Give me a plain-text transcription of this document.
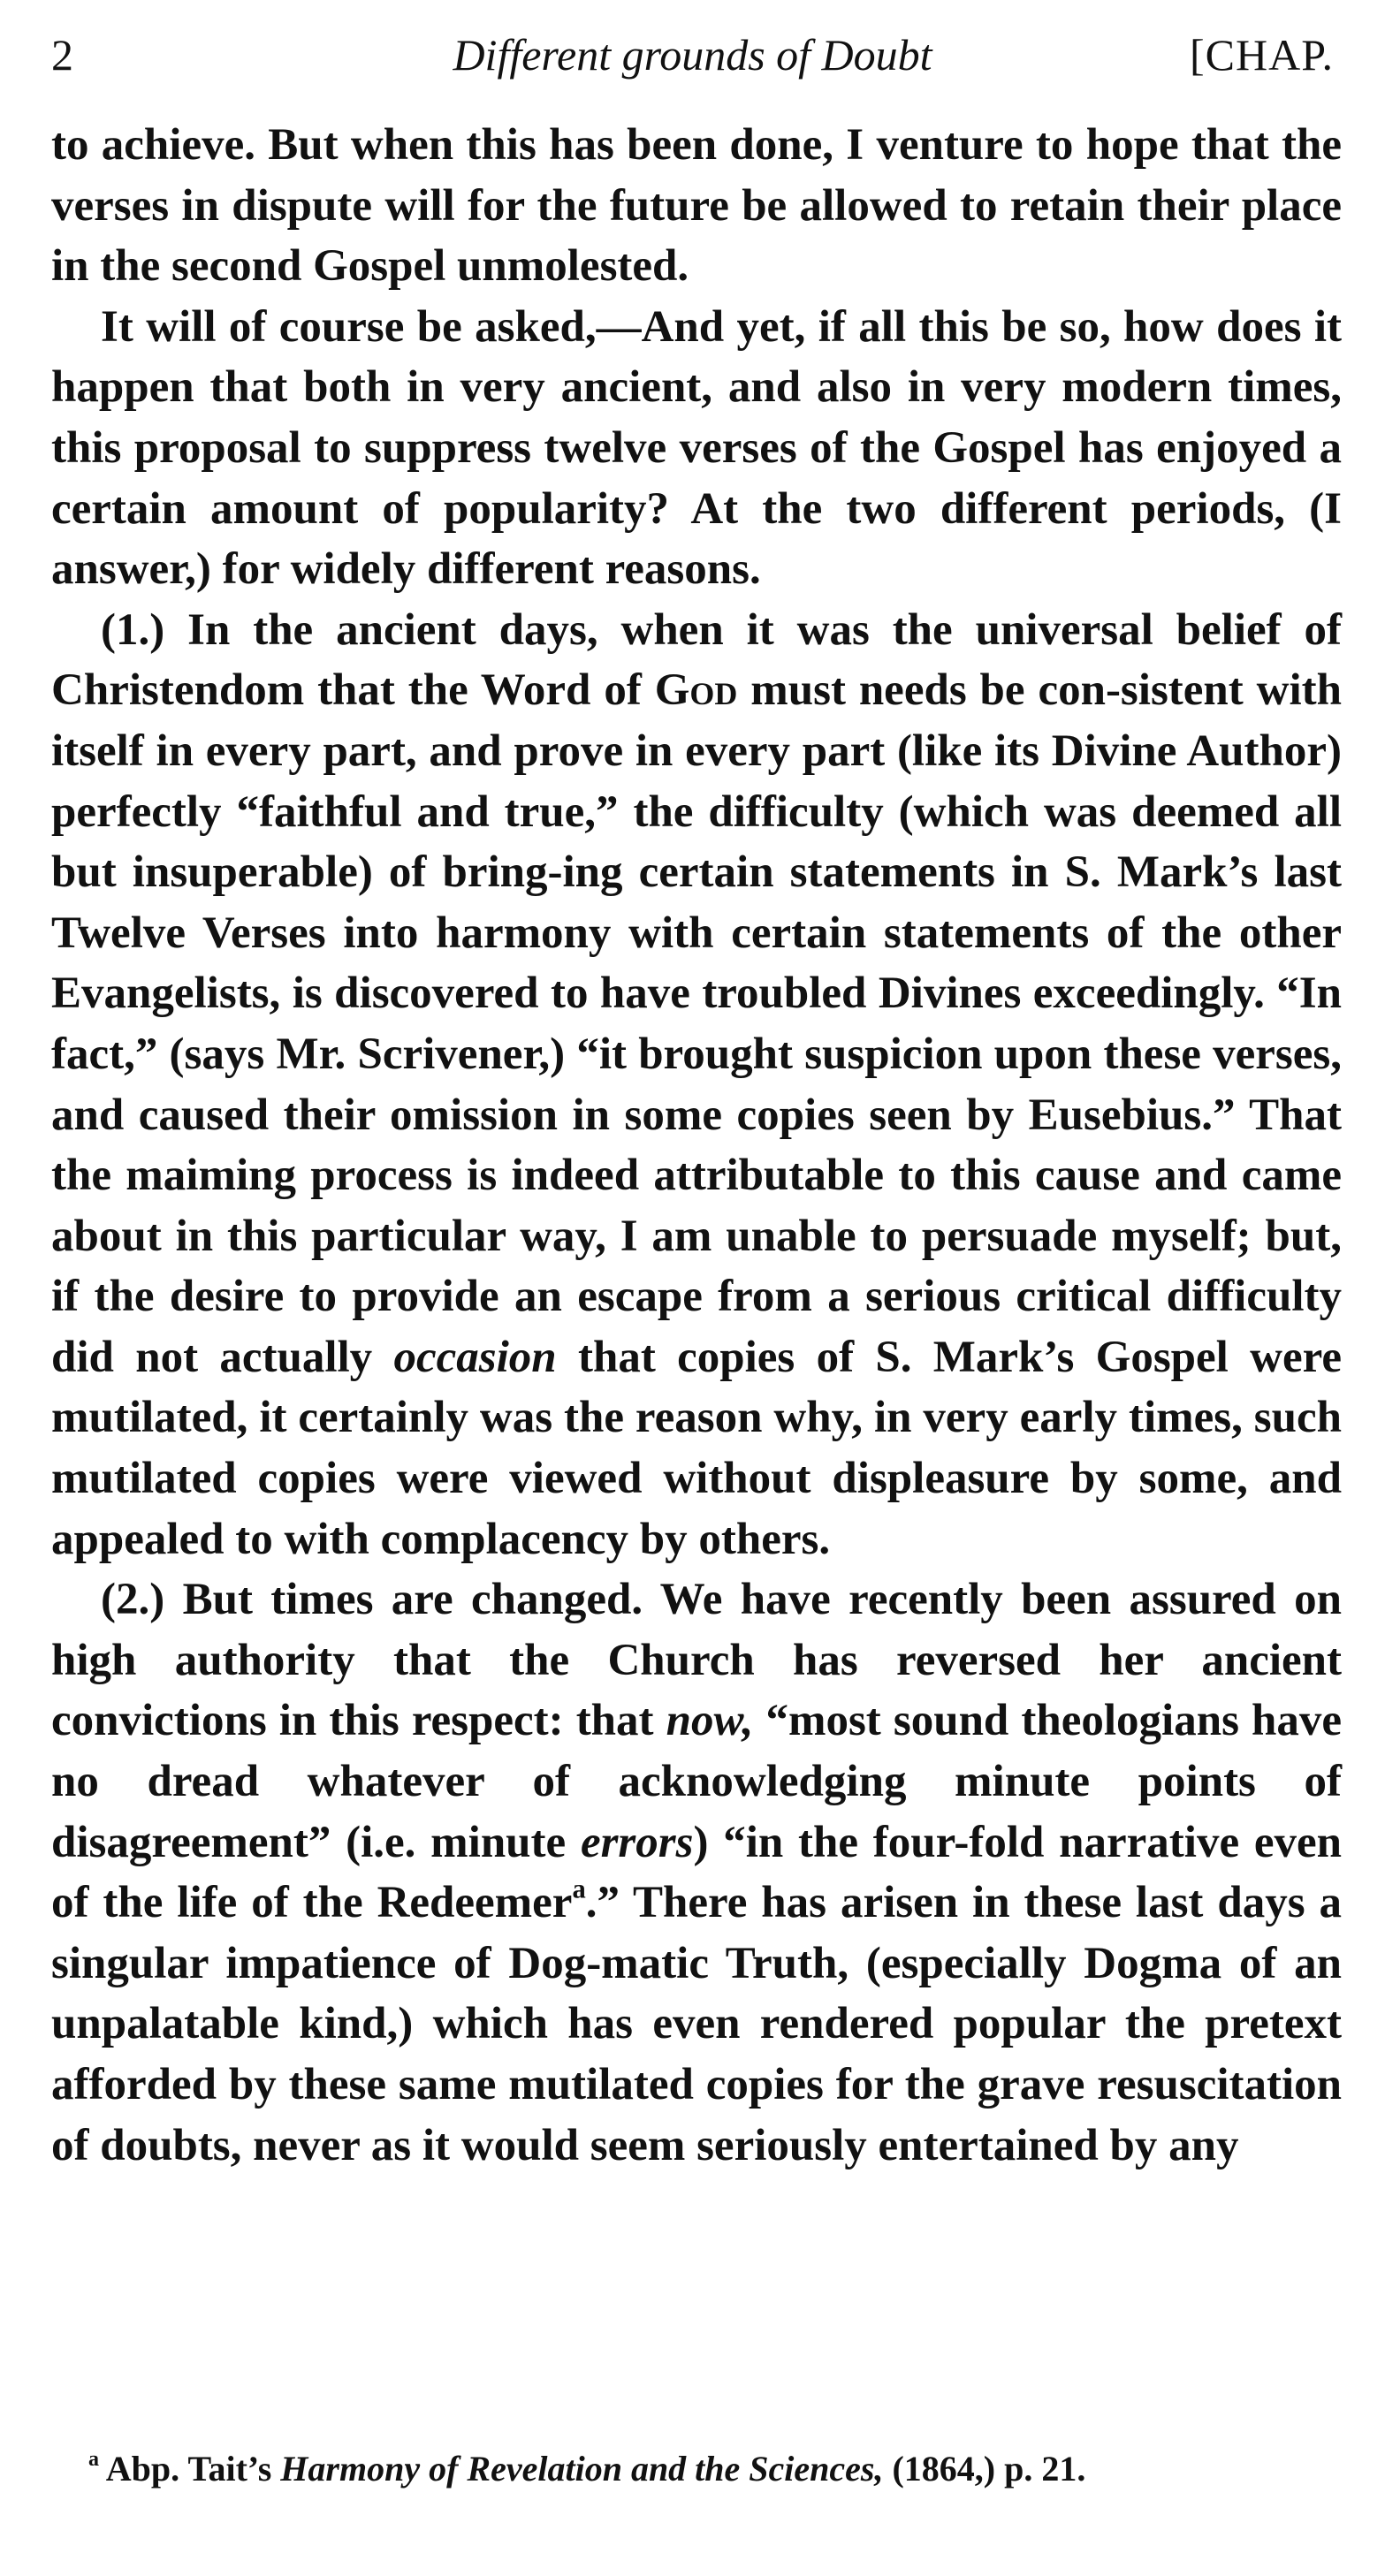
2	Different grounds of Doubt	[CHAP.

to achieve. But when this has been done, I venture to hope that the verses in dispute will for the future be allowed to retain their place in the second Gospel unmolested.

It will of course be asked,—And yet, if all this be so, how does it happen that both in very ancient, and also in very modern times, this proposal to suppress twelve verses of the Gospel has enjoyed a certain amount of popularity? At the two different periods, (I answer,) for widely different reasons.

(1.) In the ancient days, when it was the universal belief of Christendom that the Word of God must needs be con-sistent with itself in every part, and prove in every part (like its Divine Author) perfectly “faithful and true,” the difficulty (which was deemed all but insuperable) of bring-ing certain statements in S. Mark’s last Twelve Verses into harmony with certain statements of the other Evangelists, is discovered to have troubled Divines exceedingly. “In fact,” (says Mr. Scrivener,) “it brought suspicion upon these verses, and caused their omission in some copies seen by Eusebius.” That the maiming process is indeed attributable to this cause and came about in this particular way, I am unable to persuade myself; but, if the desire to provide an escape from a serious critical difficulty did not actually occasion that copies of S. Mark’s Gospel were mutilated, it certainly was the reason why, in very early times, such mutilated copies were viewed without displeasure by some, and appealed to with complacency by others.

(2.) But times are changed. We have recently been assured on high authority that the Church has reversed her ancient convictions in this respect: that now, “most sound theologians have no dread whatever of acknowledging minute points of disagreement” (i.e. minute errors) “in the four-fold narrative even of the life of the Redeemer$^a$.” There has arisen in these last days a singular impatience of Dog-matic Truth, (especially Dogma of an unpalatable kind,) which has even rendered popular the pretext afforded by these same mutilated copies for the grave resuscitation of doubts, never as it would seem seriously entertained by any

$^a$ Abp. Tait’s Harmony of Revelation and the Sciences, (1864,) p. 21.
